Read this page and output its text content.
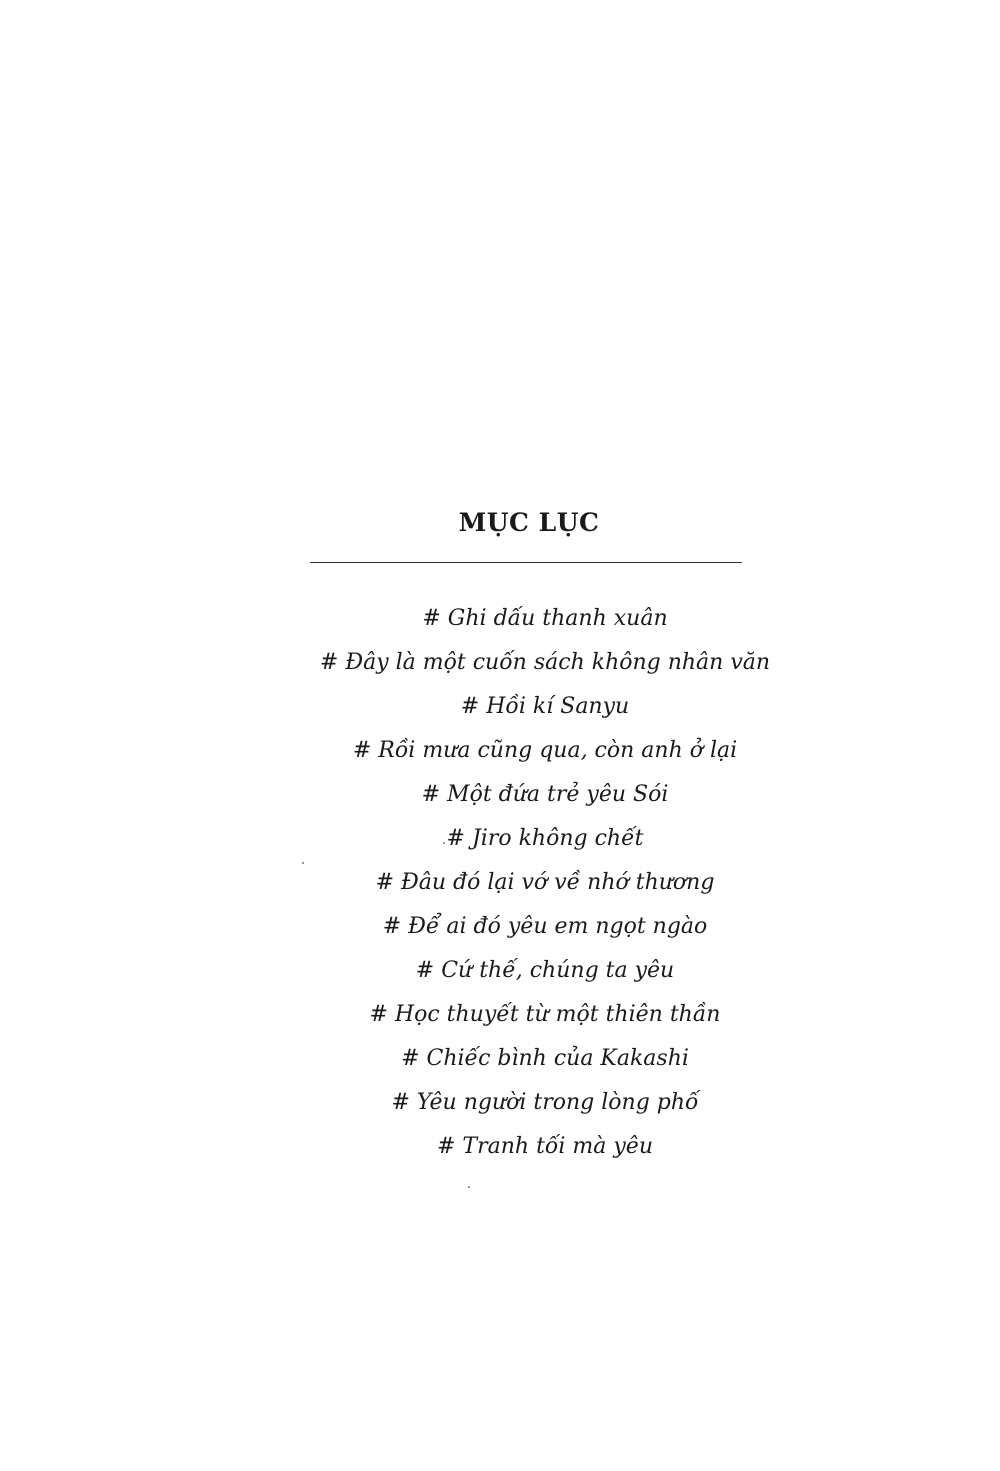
MỤC LỤC
# Ghi dấu thanh xuân
# Đây là một cuốn sách không nhân văn
# Hồi kí Sanyu
# Rồi mưa cũng qua, còn anh ở lại
# Một đứa trẻ yêu Sói
# Jiro không chết
# Đâu đó lại vớ về nhớ thương
# Để ai đó yêu em ngọt ngào
# Cứ thế, chúng ta yêu
# Học thuyết từ một thiên thần
# Chiếc bình của Kakashi
# Yêu người trong lòng phố
# Tranh tối mà yêu
